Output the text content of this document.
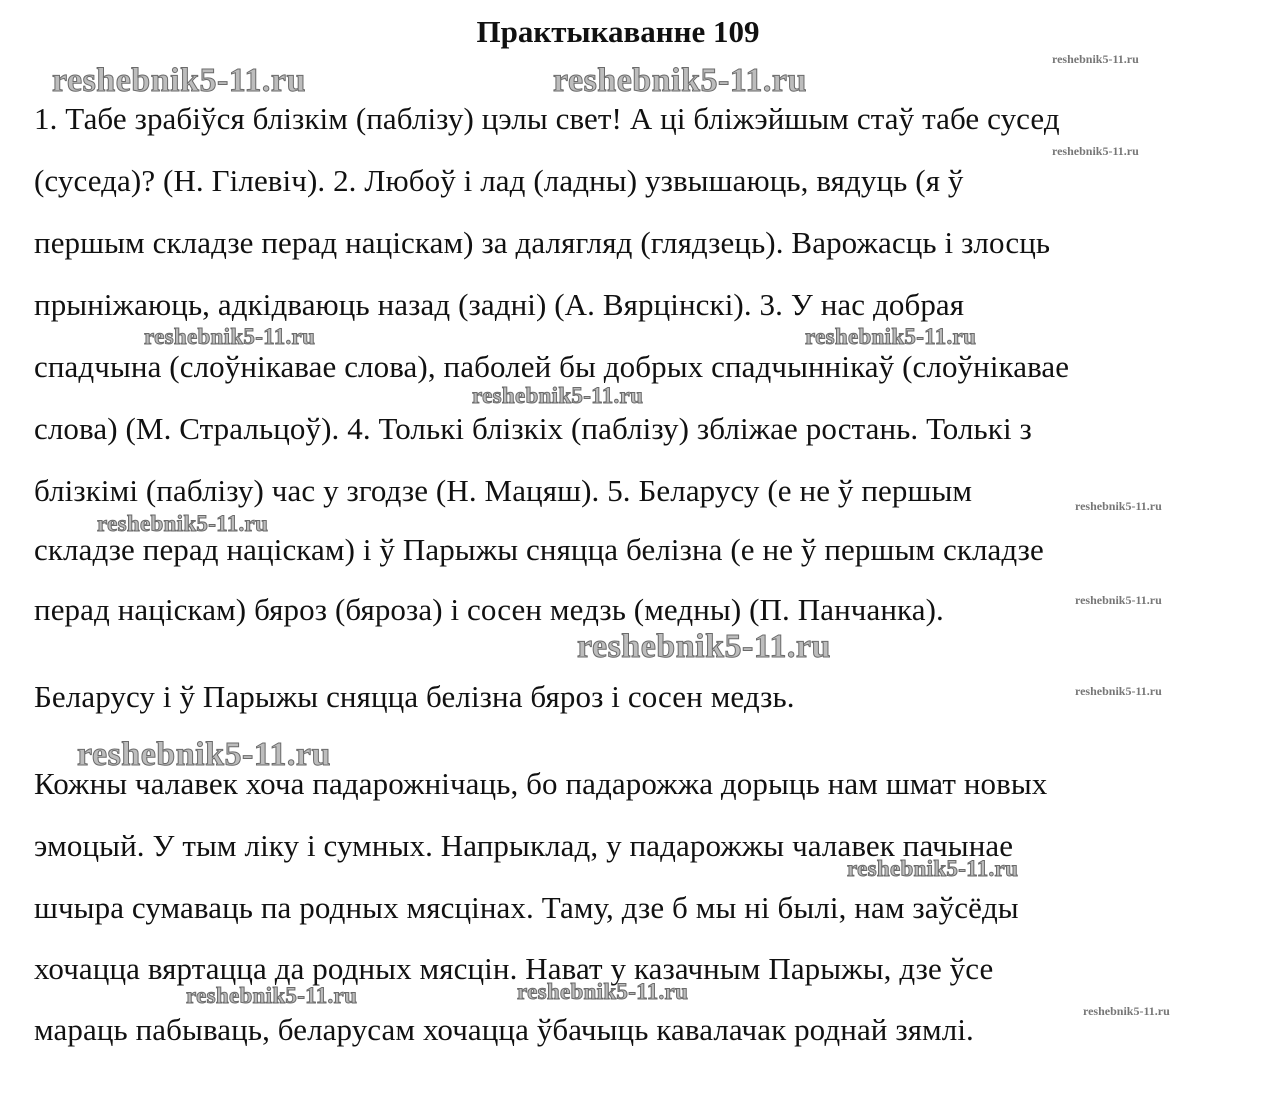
Практыкаванне 109
reshebnik5-11.ru	reshebnik5-11.ru
reshebnik5-11.ru
reshebnik5-11.ru
reshebnik5-11.ru	reshebnik5-11.ru
reshebnik5-11.ru
reshebnik5-11.ru
reshebnik5-11.ru
reshebnik5-11.ru
reshebnik5-11.ru
reshebnik5-11.ru
reshebnik5-11.ru
reshebnik5-11.ru
reshebnik5-11.ru	reshebnik5-11.ru
reshebnik5-11.ru
1. Табе зрабіўся блізкім (паблізу) цэлы свет! А ці бліжэйшым стаў табе сусед
(суседа)? (Н. Гілевіч). 2. Любоў і лад (ладны) узвышаюць, вядуць (я ў
першым складзе перад націскам) за далягляд (глядзець). Варожасць і злосць
прыніжаюць, адкідваюць назад (задні) (А. Вярцінскі). 3. У нас добрая
спадчына (слоўнікавае слова), паболей бы добрых спадчыннікаў (слоўнікавае
слова) (М. Стральцоў). 4. Толькі блізкіх (паблізу) збліжае ростань. Толькі з
блізкімі (паблізу) час у згодзе (Н. Мацяш). 5. Беларусу (е не ў першым
складзе перад націскам) і ў Парыжы сняцца белізна (е не ў першым складзе
перад націскам) бяроз (бяроза) і сосен медзь (медны) (П. Панчанка).
Беларусу і ў Парыжы сняцца белізна бяроз і сосен медзь.
Кожны чалавек хоча падарожнічаць, бо падарожжа дорыць нам шмат новых
эмоцый. У тым ліку і сумных. Напрыклад, у падарожжы чалавек пачынае
шчыра сумаваць па родных мясцінах. Таму, дзе б мы ні былі, нам заўсёды
хочацца вяртацца да родных мясцін. Нават у казачным Парыжы, дзе ўсе
мараць пабываць, беларусам хочацца ўбачыць кавалачак роднай зямлі.
